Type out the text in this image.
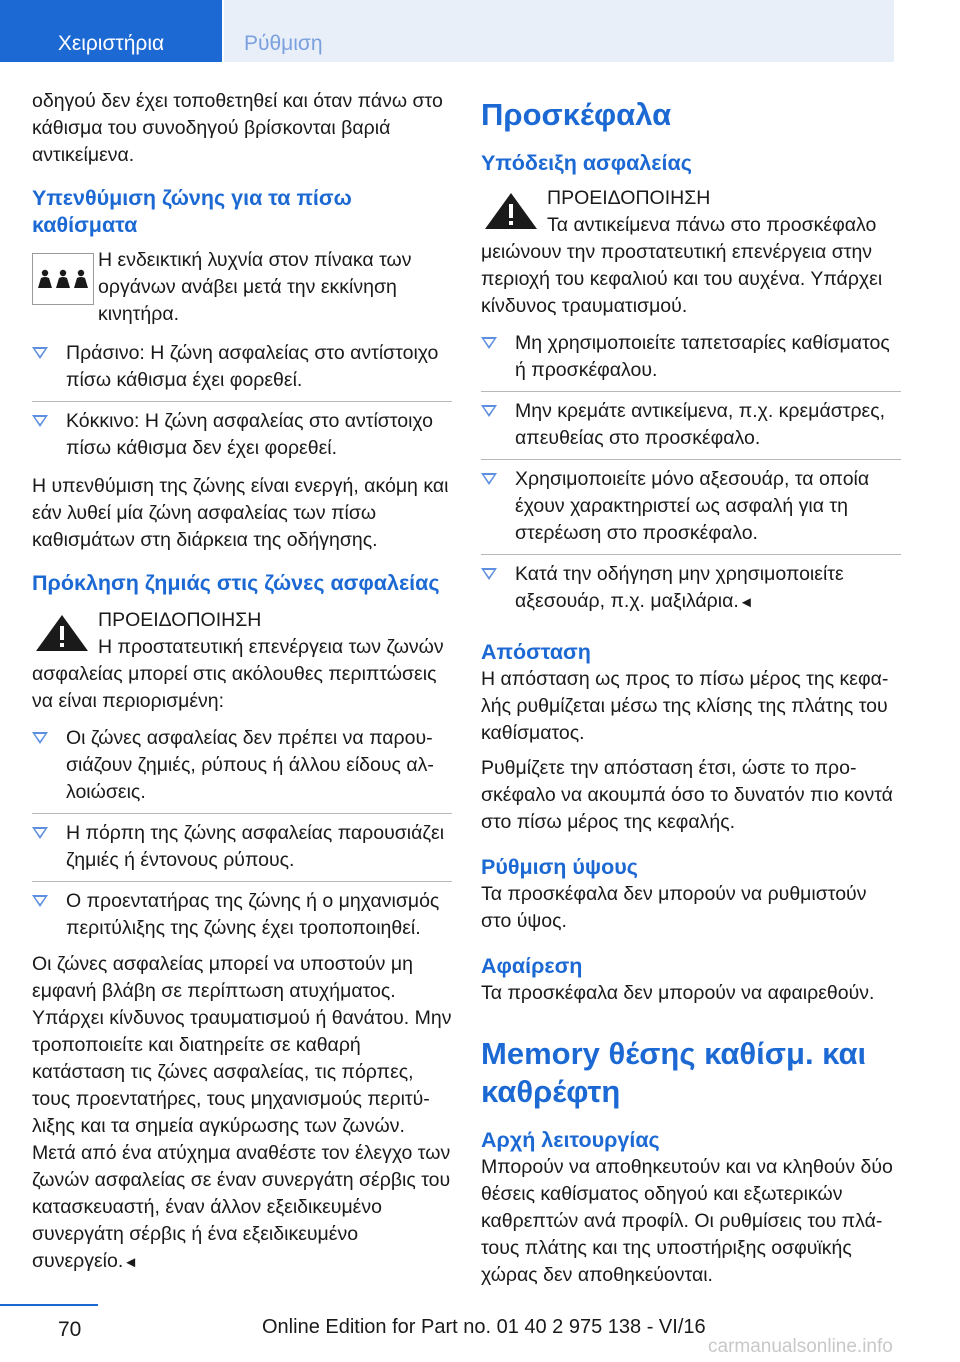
Χειριστήρια	Ρύθμιση

οδηγού δεν έχει τοποθετηθεί και όταν πάνω στο κάθισμα του συνοδηγού βρίσκονται βαριά αντικείμενα.

Υπενθύμιση ζώνης για τα πίσω καθίσματα

Η ενδεικτική λυχνία στον πίνακα των οργάνων ανάβει μετά την εκκίνηση κινητήρα.

Πράσινο: Η ζώνη ασφαλείας στο αντίστοιχο πίσω κάθισμα έχει φορεθεί.
Κόκκινο: Η ζώνη ασφαλείας στο αντίστοιχο πίσω κάθισμα δεν έχει φορεθεί.

Η υπενθύμιση της ζώνης είναι ενεργή, ακόμη και εάν λυθεί μία ζώνη ασφαλείας των πίσω καθισμάτων στη διάρκεια της οδήγησης.

Πρόκληση ζημιάς στις ζώνες ασφαλείας

ΠΡΟΕΙΔΟΠΟΙΗΣΗ

Η προστατευτική επενέργεια των ζωνών ασφαλείας μπορεί στις ακόλουθες περιπτώσεις να είναι περιορισμένη:

Οι ζώνες ασφαλείας δεν πρέπει να παρουσιάζουν ζημιές, ρύπους ή άλλου είδους αλλοιώσεις.
Η πόρπη της ζώνης ασφαλείας παρουσιάζει ζημιές ή έντονους ρύπους.
Ο προεντατήρας της ζώνης ή ο μηχανισμός περιτύλιξης της ζώνης έχει τροποποιηθεί.

Οι ζώνες ασφαλείας μπορεί να υποστούν μη εμφανή βλάβη σε περίπτωση ατυχήματος. Υπάρχει κίνδυνος τραυματισμού ή θανάτου. Μην τροποποιείτε και διατηρείτε σε καθαρή κατάσταση τις ζώνες ασφαλείας, τις πόρπες, τους προεντατήρες, τους μηχανισμούς περιτύλιξης και τα σημεία αγκύρωσης των ζωνών. Μετά από ένα ατύχημα αναθέστε τον έλεγχο των ζωνών ασφαλείας σε έναν συνεργάτη σέρβις του κατασκευαστή, έναν άλλον εξειδικευμένο συνεργάτη σέρβις ή ένα εξειδικευμένο συνεργείο.◄

Προσκέφαλα
Υπόδειξη ασφαλείας

ΠΡΟΕΙΔΟΠΟΙΗΣΗ

Τα αντικείμενα πάνω στο προσκέφαλο μειώνουν την προστατευτική επενέργεια στην περιοχή του κεφαλιού και του αυχένα. Υπάρχει κίνδυνος τραυματισμού.

Μη χρησιμοποιείτε ταπετσαρίες καθίσματος ή προσκέφαλου.
Μην κρεμάτε αντικείμενα, π.χ. κρεμάστρες, απευθείας στο προσκέφαλο.
Χρησιμοποιείτε μόνο αξεσουάρ, τα οποία έχουν χαρακτηριστεί ως ασφαλή για τη στερέωση στο προσκέφαλο.
Κατά την οδήγηση μην χρησιμοποιείτε αξεσουάρ, π.χ. μαξιλάρια.◄
Απόσταση

Η απόσταση ως προς το πίσω μέρος της κεφαλής ρυθμίζεται μέσω της κλίσης της πλάτης του καθίσματος.

Ρυθμίζετε την απόσταση έτσι, ώστε το προσκέφαλο να ακουμπά όσο το δυνατόν πιο κοντά στο πίσω μέρος της κεφαλής.

Ρύθμιση ύψους

Τα προσκέφαλα δεν μπορούν να ρυθμιστούν στο ύψος.

Αφαίρεση

Τα προσκέφαλα δεν μπορούν να αφαιρεθούν.

Memory θέσης καθίσμ. και καθρέφτη
Αρχή λειτουργίας

Μπορούν να αποθηκευτούν και να κληθούν δύο θέσεις καθίσματος οδηγού και εξωτερικών καθρεπτών ανά προφίλ. Οι ρυθμίσεις του πλάτους πλάτης και της υποστήριξης οσφυϊκής χώρας δεν αποθηκεύονται.

70	Online Edition for Part no. 01 40 2 975 138 - VI/16
carmanualsonline.info
